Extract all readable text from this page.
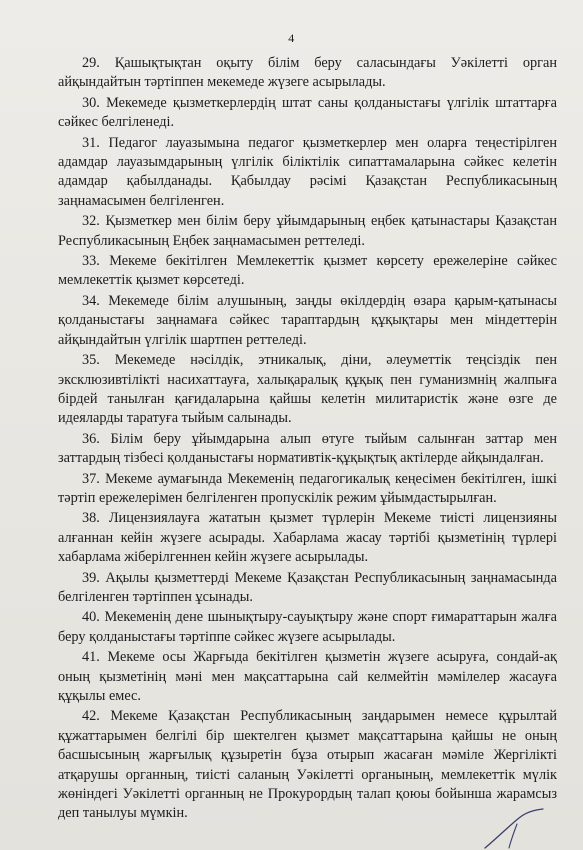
4

29. Қашықтықтан оқыту білім беру саласындағы Уәкілетті орган айқындайтын тәртіппен мекемеде жүзеге асырылады.

30. Мекемеде қызметкерлердің штат саны қолданыстағы үлгілік штаттарға сәйкес белгіленеді.

31. Педагог лауазымына педагог қызметкерлер мен оларға теңестірілген адамдар лауазымдарының үлгілік біліктілік сипаттамаларына сәйкес келетін адамдар қабылданады. Қабылдау рәсімі Қазақстан Республикасының заңнамасымен белгіленген.

32. Қызметкер мен білім беру ұйымдарының еңбек қатынастары Қазақстан Республикасының Еңбек заңнамасымен реттеледі.

33. Мекеме бекітілген Мемлекеттік қызмет көрсету ережелеріне сәйкес мемлекеттік қызмет көрсетеді.

34. Мекемеде білім алушының, заңды өкілдердің өзара қарым-қатынасы қолданыстағы заңнамаға сәйкес тараптардың құқықтары мен міндеттерін айқындайтын үлгілік шартпен реттеледі.

35. Мекемеде нәсілдік, этникалық, діни, әлеуметтік теңсіздік пен эксклюзивтілікті насихаттауға, халықаралық құқық пен гуманизмнің жалпыға бірдей танылған қағидаларына қайшы келетін милитаристік және өзге де идеяларды таратуға тыйым салынады.

36. Білім беру ұйымдарына алып өтуге тыйым салынған заттар мен заттардың тізбесі қолданыстағы нормативтік-құқықтық актілерде айқындалған.

37. Мекеме аумағында Мекеменің педагогикалық кеңесімен бекітілген, ішкі тәртіп ережелерімен белгіленген пропускілік режим ұйымдастырылған.

38. Лицензиялауға жататын қызмет түрлерін Мекеме тиісті лицензияны алғаннан кейін жүзеге асырады. Хабарлама жасау тәртібі қызметінің түрлері хабарлама жіберілгеннен кейін жүзеге асырылады.

39. Ақылы қызметтерді Мекеме Қазақстан Республикасының заңнамасында белгіленген тәртіппен ұсынады.

40. Мекеменің дене шынықтыру-сауықтыру және спорт ғимараттарын жалға беру қолданыстағы тәртіппе сәйкес жүзеге асырылады.

41. Мекеме осы Жарғыда бекітілген қызметін жүзеге асыруға, сондай-ақ оның қызметінің мәні мен мақсаттарына сай келмейтін мәмілелер жасауға құқылы емес.

42. Мекеме Қазақстан Республикасының заңдарымен немесе құрылтай құжаттарымен белгілі бір шектелген қызмет мақсаттарына қайшы не оның басшысының жарғылық құзыретін бұза отырып жасаған мәміле Жергілікті атқарушы органның, тиісті саланың Уәкілетті органының, мемлекеттік мүлік жөніндегі Уәкілетті органның не Прокурордың талап қоюы бойынша жарамсыз деп танылуы мүмкін.
